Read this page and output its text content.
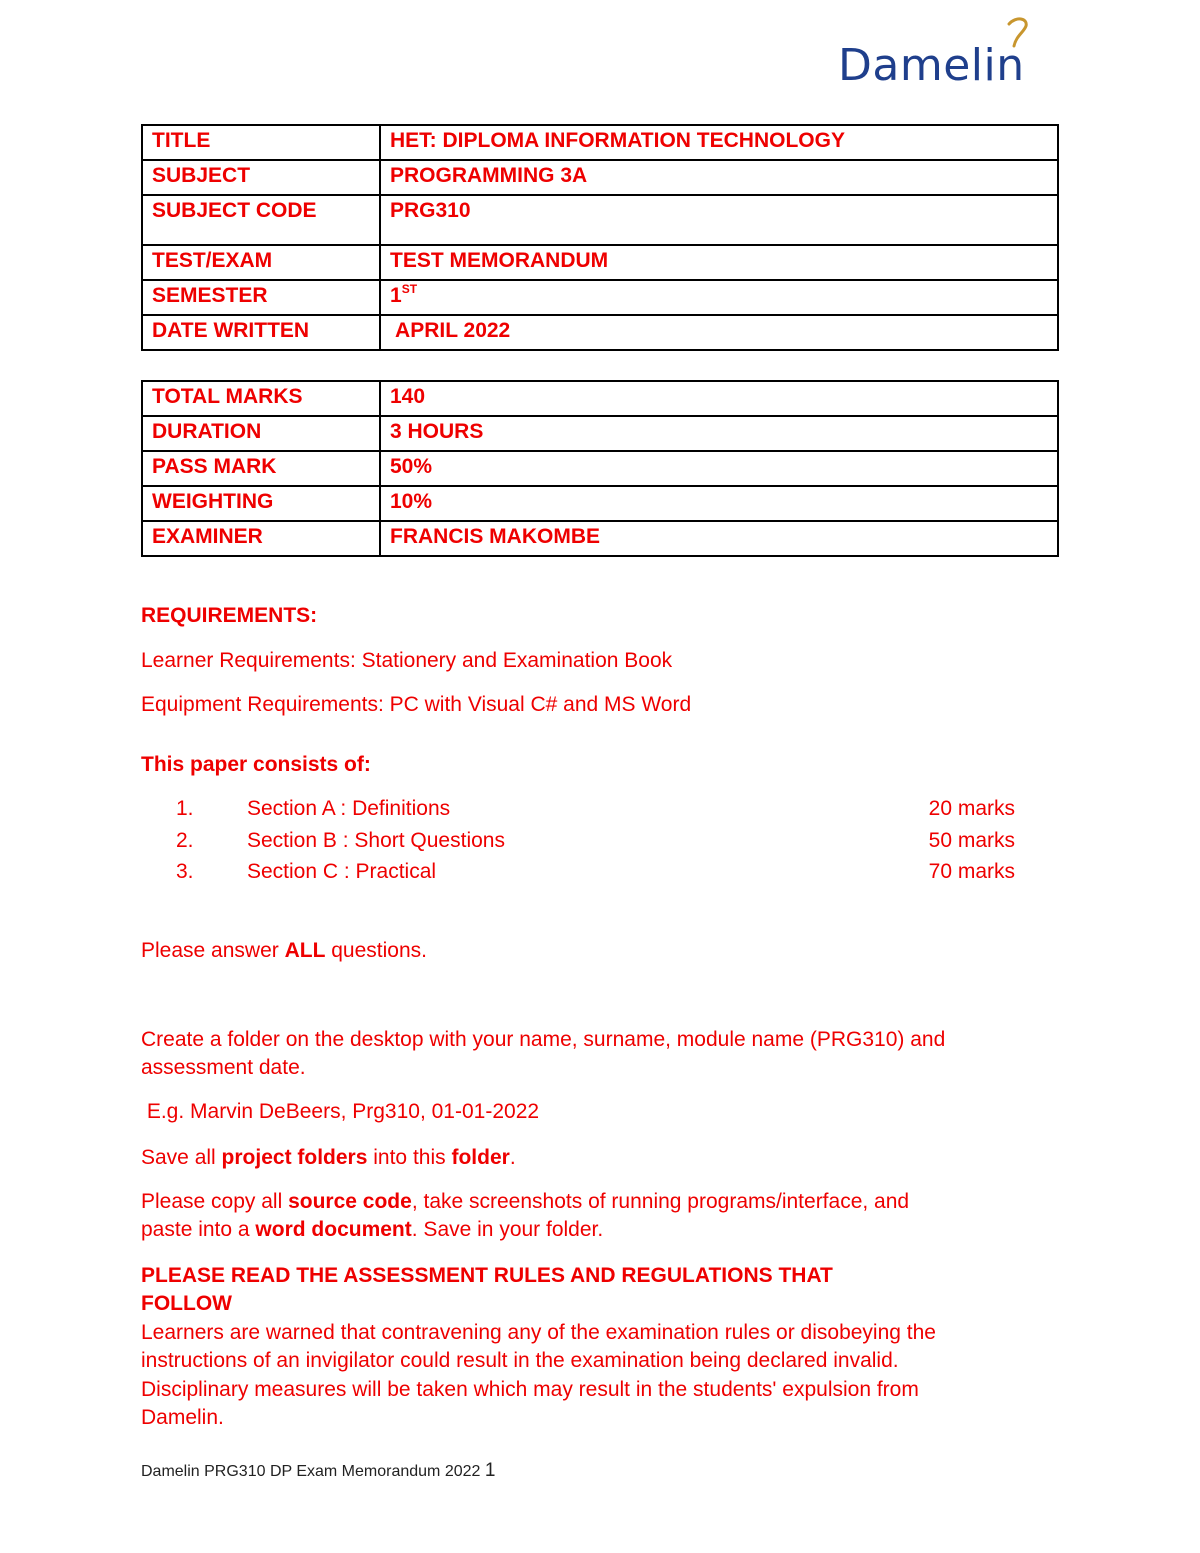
Damelin
TITLE	HET: DIPLOMA INFORMATION TECHNOLOGY
SUBJECT	PROGRAMMING 3A
SUBJECT CODE	PRG310
TEST/EXAM	TEST MEMORANDUM
SEMESTER	1ST
DATE WRITTEN	APRIL 2022
TOTAL MARKS	140
DURATION	3 HOURS
PASS MARK	50%
WEIGHTING	10%
EXAMINER	FRANCIS MAKOMBE
REQUIREMENTS:
Learner Requirements: Stationery and Examination Book
Equipment Requirements: PC with Visual C# and MS Word
This paper consists of:
1.	Section A : Definitions	20 marks
2.	Section B : Short Questions	50 marks
3.	Section C : Practical	70 marks
Please answer ALL questions.
Create a folder on the desktop with your name, surname, module name (PRG310) and
assessment date.
E.g. Marvin DeBeers, Prg310, 01-01-2022
Save all project folders into this folder.
Please copy all source code, take screenshots of running programs/interface, and
paste into a word document. Save in your folder.
PLEASE READ THE ASSESSMENT RULES AND REGULATIONS THAT
FOLLOW
Learners are warned that contravening any of the examination rules or disobeying the
instructions of an invigilator could result in the examination being declared invalid.
Disciplinary measures will be taken which may result in the students' expulsion from
Damelin.
Damelin PRG310 DP Exam Memorandum 2022 1
